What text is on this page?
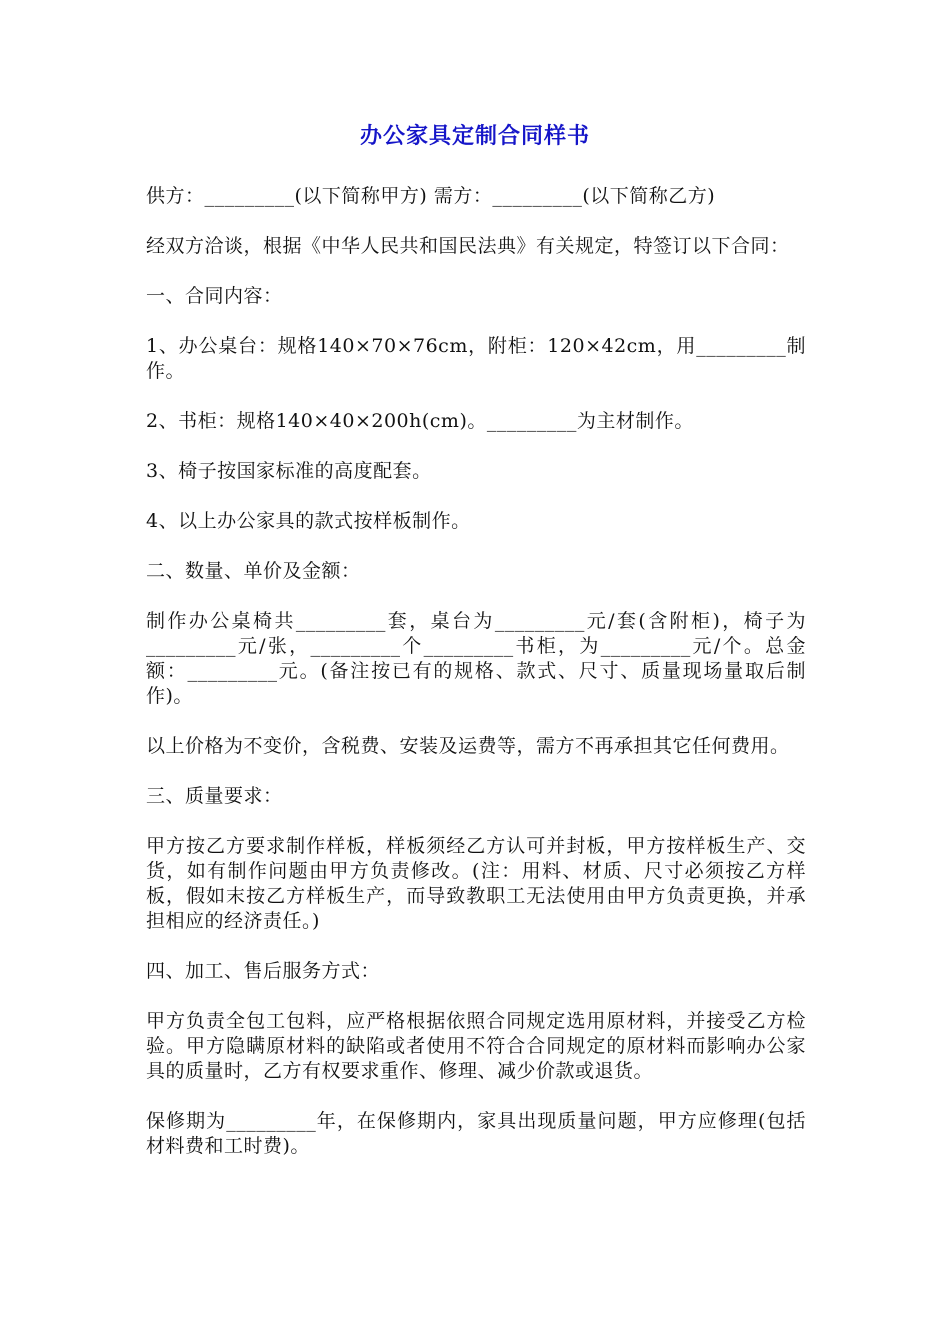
办公家具定制合同样书

供方：_________(以下简称甲方) 需方：_________(以下简称乙方)

经双方洽谈，根据《中华人民共和国民法典》有关规定，特签订以下合同：

一、合同内容：

1、办公桌台：规格140×70×76cm，附柜：120×42cm，用_________制作。

2、书柜：规格140×40×200h(cm)。_________为主材制作。

3、椅子按国家标准的高度配套。

4、以上办公家具的款式按样板制作。

二、数量、单价及金额：

制作办公桌椅共_________套，桌台为_________元/套(含附柜)，椅子为_________元/张，_________个_________书柜，为_________元/个。总金额：_________元。(备注按已有的规格、款式、尺寸、质量现场量取后制作)。

以上价格为不变价，含税费、安装及运费等，需方不再承担其它任何费用。

三、质量要求：

甲方按乙方要求制作样板，样板须经乙方认可并封板，甲方按样板生产、交货，如有制作问题由甲方负责修改。(注：用料、材质、尺寸必须按乙方样板，假如末按乙方样板生产，而导致教职工无法使用由甲方负责更换，并承担相应的经济责任。)

四、加工、售后服务方式：

甲方负责全包工包料，应严格根据依照合同规定选用原材料，并接受乙方检验。甲方隐瞒原材料的缺陷或者使用不符合合同规定的原材料而影响办公家具的质量时，乙方有权要求重作、修理、减少价款或退货。

保修期为_________年，在保修期内，家具出现质量问题，甲方应修理(包括材料费和工时费)。
